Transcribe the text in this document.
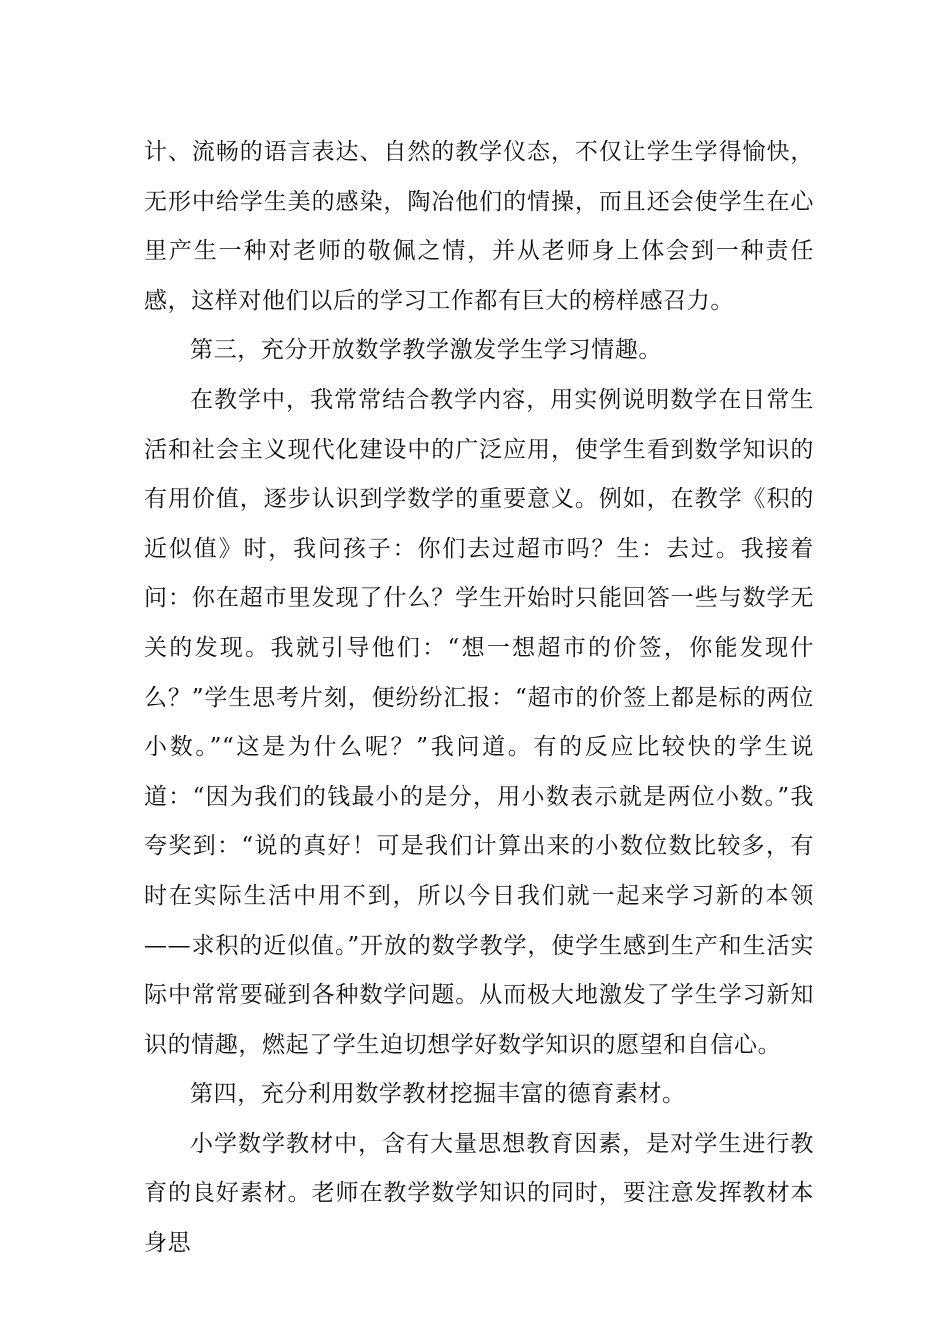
计、流畅的语言表达、自然的教学仪态，不仅让学生学得愉快，无形中给学生美的感染，陶冶他们的情操，而且还会使学生在心里产生一种对老师的敬佩之情，并从老师身上体会到一种责任感，这样对他们以后的学习工作都有巨大的榜样感召力。

第三，充分开放数学教学激发学生学习情趣。

在教学中，我常常结合教学内容，用实例说明数学在日常生活和社会主义现代化建设中的广泛应用，使学生看到数学知识的有用价值，逐步认识到学数学的重要意义。例如，在教学《积的近似值》时，我问孩子：你们去过超市吗？生：去过。我接着问：你在超市里发现了什么？学生开始时只能回答一些与数学无关的发现。我就引导他们：“想一想超市的价签，你能发现什么？”学生思考片刻，便纷纷汇报：“超市的价签上都是标的两位小数。”“这是为什么呢？”我问道。有的反应比较快的学生说道：“因为我们的钱最小的是分，用小数表示就是两位小数。”我夸奖到：“说的真好！可是我们计算出来的小数位数比较多，有时在实际生活中用不到，所以今日我们就一起来学习新的本领——求积的近似值。”开放的数学教学，使学生感到生产和生活实际中常常要碰到各种数学问题。从而极大地激发了学生学习新知识的情趣，燃起了学生迫切想学好数学知识的愿望和自信心。

第四，充分利用数学教材挖掘丰富的德育素材。

小学数学教材中，含有大量思想教育因素，是对学生进行教育的良好素材。老师在教学数学知识的同时，要注意发挥教材本身思
